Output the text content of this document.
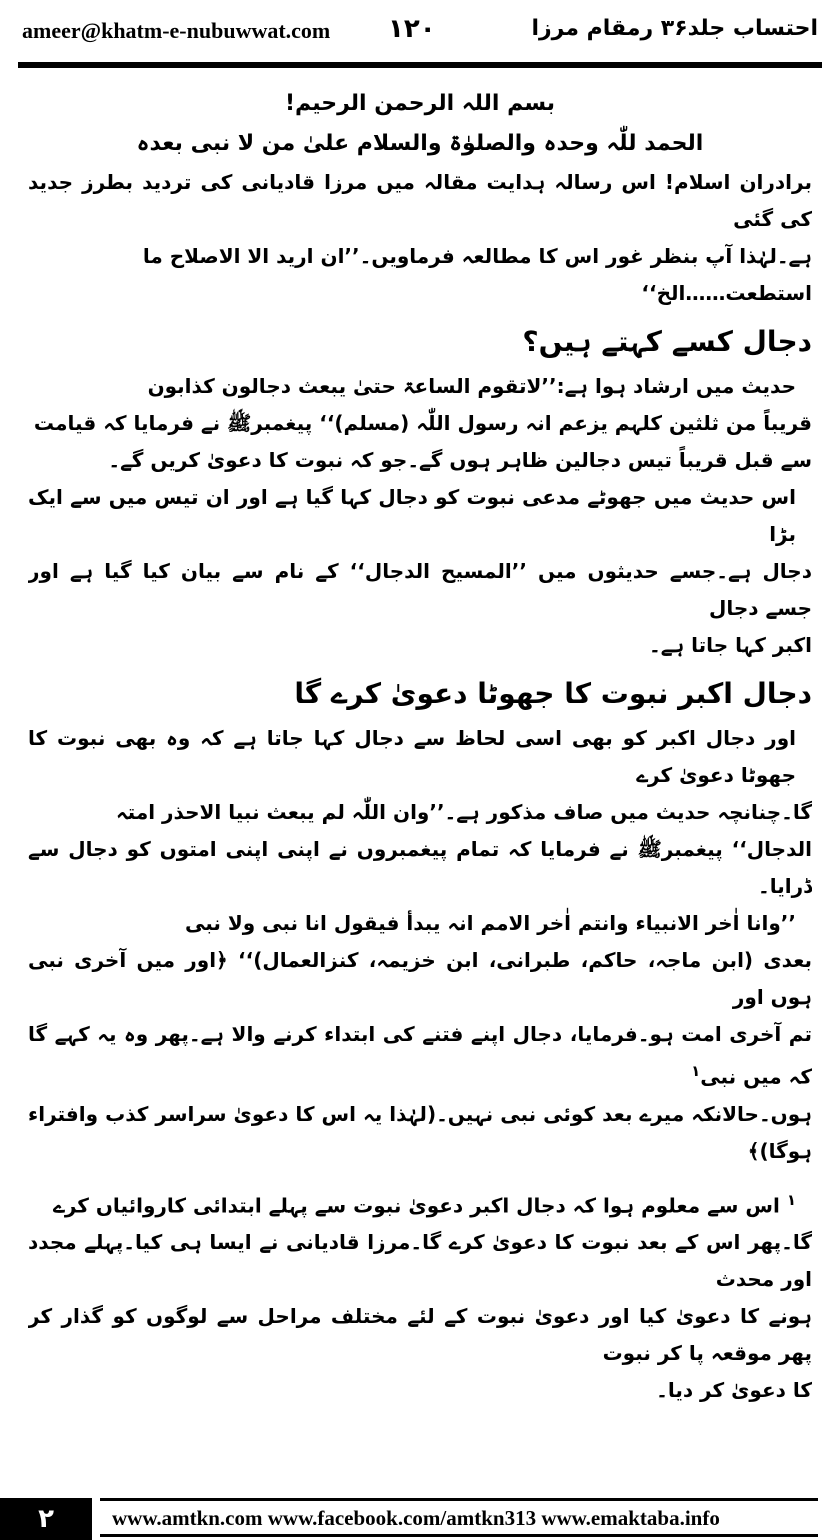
ameer@khatm-e-nubuwwat.com ١٢٠	احتساب جلد۳۶ رمقام مرزا

بسم اللہ الرحمن الرحیم!

الحمد للّٰہ وحدہ والصلوٰۃ والسلام علیٰ من لا نبی بعدہ

برادران اسلام! اس رسالہ ہدایت مقالہ میں مرزا قادیانی کی تردید بطرز جدید کی گئی

ہے۔لہٰذا آپ بنظر غور اس کا مطالعہ فرماویں۔’’ان ارید الا الاصلاح ما

استطعت……الخ‘‘

دجال کسے کہتے ہیں؟

حدیث میں ارشاد ہوا ہے:’’لاتقوم الساعۃ حتیٰ یبعث دجالون کذابون

قریباً من ثلثین کلہم یزعم انہ رسول اللّٰہ (مسلم)‘‘ پیغمبرﷺ نے فرمایا کہ قیامت

سے قبل قریباً تیس دجالین ظاہر ہوں گے۔جو کہ نبوت کا دعویٰ کریں گے۔

اس حدیث میں جھوٹے مدعی نبوت کو دجال کہا گیا ہے اور ان تیس میں سے ایک بڑا

دجال ہے۔جسے حدیثوں میں ’’المسیح الدجال‘‘ کے نام سے بیان کیا گیا ہے اور جسے دجال

اکبر کہا جاتا ہے۔

دجال اکبر نبوت کا جھوٹا دعویٰ کرے گا

اور دجال اکبر کو بھی اسی لحاظ سے دجال کہا جاتا ہے کہ وہ بھی نبوت کا جھوٹا دعویٰ کرے

گا۔چنانچہ حدیث میں صاف مذکور ہے۔’’وان اللّٰہ لم یبعث نبیا الاحذر امتہ

الدجال‘‘ پیغمبرﷺ نے فرمایا کہ تمام پیغمبروں نے اپنی اپنی امتوں کو دجال سے ڈرایا۔

’’وانا اٰخر الانبیاء وانتم اٰخر الامم انہ یبدأ فیقول انا نبی ولا نبی

بعدی (ابن ماجہ، حاکم، طبرانی، ابن خزیمہ، کنزالعمال)‘‘ ﴿اور میں آخری نبی ہوں اور

تم آخری امت ہو۔فرمایا، دجال اپنے فتنے کی ابتداء کرنے والا ہے۔پھر وہ یہ کہے گا کہ میں نبی$^۱$

ہوں۔حالانکہ میرے بعد کوئی نبی نہیں۔(لہٰذا یہ اس کا دعویٰ سراسر کذب وافتراء ہوگا)﴾

$^۱$ اس سے معلوم ہوا کہ دجال اکبر دعویٰ نبوت سے پہلے ابتدائی کاروائیاں کرے

گا۔پھر اس کے بعد نبوت کا دعویٰ کرے گا۔مرزا قادیانی نے ایسا ہی کیا۔پہلے مجدد اور محدث

ہونے کا دعویٰ کیا اور دعویٰ نبوت کے لئے مختلف مراحل سے لوگوں کو گذار کر پھر موقعہ پا کر نبوت

کا دعویٰ کر دیا۔

۲	www.amtkn.com www.facebook.com/amtkn313 www.emaktaba.info
